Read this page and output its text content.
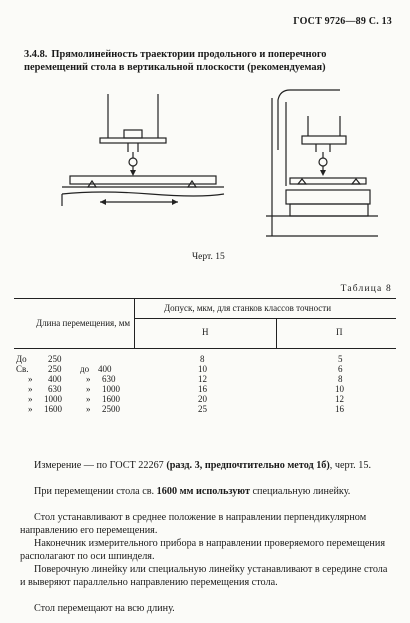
ГОСТ 9726—89 С. 13
3.4.8. Прямолинейность траектории продольного и поперечного перемещений стола в вертикальной плоскости (рекомендуемая)
Черт. 15
Таблица 8
Допуск, мкм, для станков классов точности
Длина перемещения, мм
Н	П
До 250	8	5
Св. 250 до 400	10	6
» 400	» 630	12	8
» 630	» 1000	16	10
» 1000	» 1600	20	12
» 1600	» 2500	25	16
Измерение — по ГОСТ 22267 (разд. 3, предпочтительно метод 1б), черт. 15.
При перемещении стола св. 1600 мм используют специальную линейку.
Стол устанавливают в среднее положение в направлении перпендикулярном направлению его перемещения.
Наконечник измерительного прибора в направлении проверяемого перемещения располагают по оси шпинделя.
Поверочную линейку или специальную линейку устанавливают в середине стола и выверяют параллельно направлению перемещения стола.
Стол перемещают на всю длину.
